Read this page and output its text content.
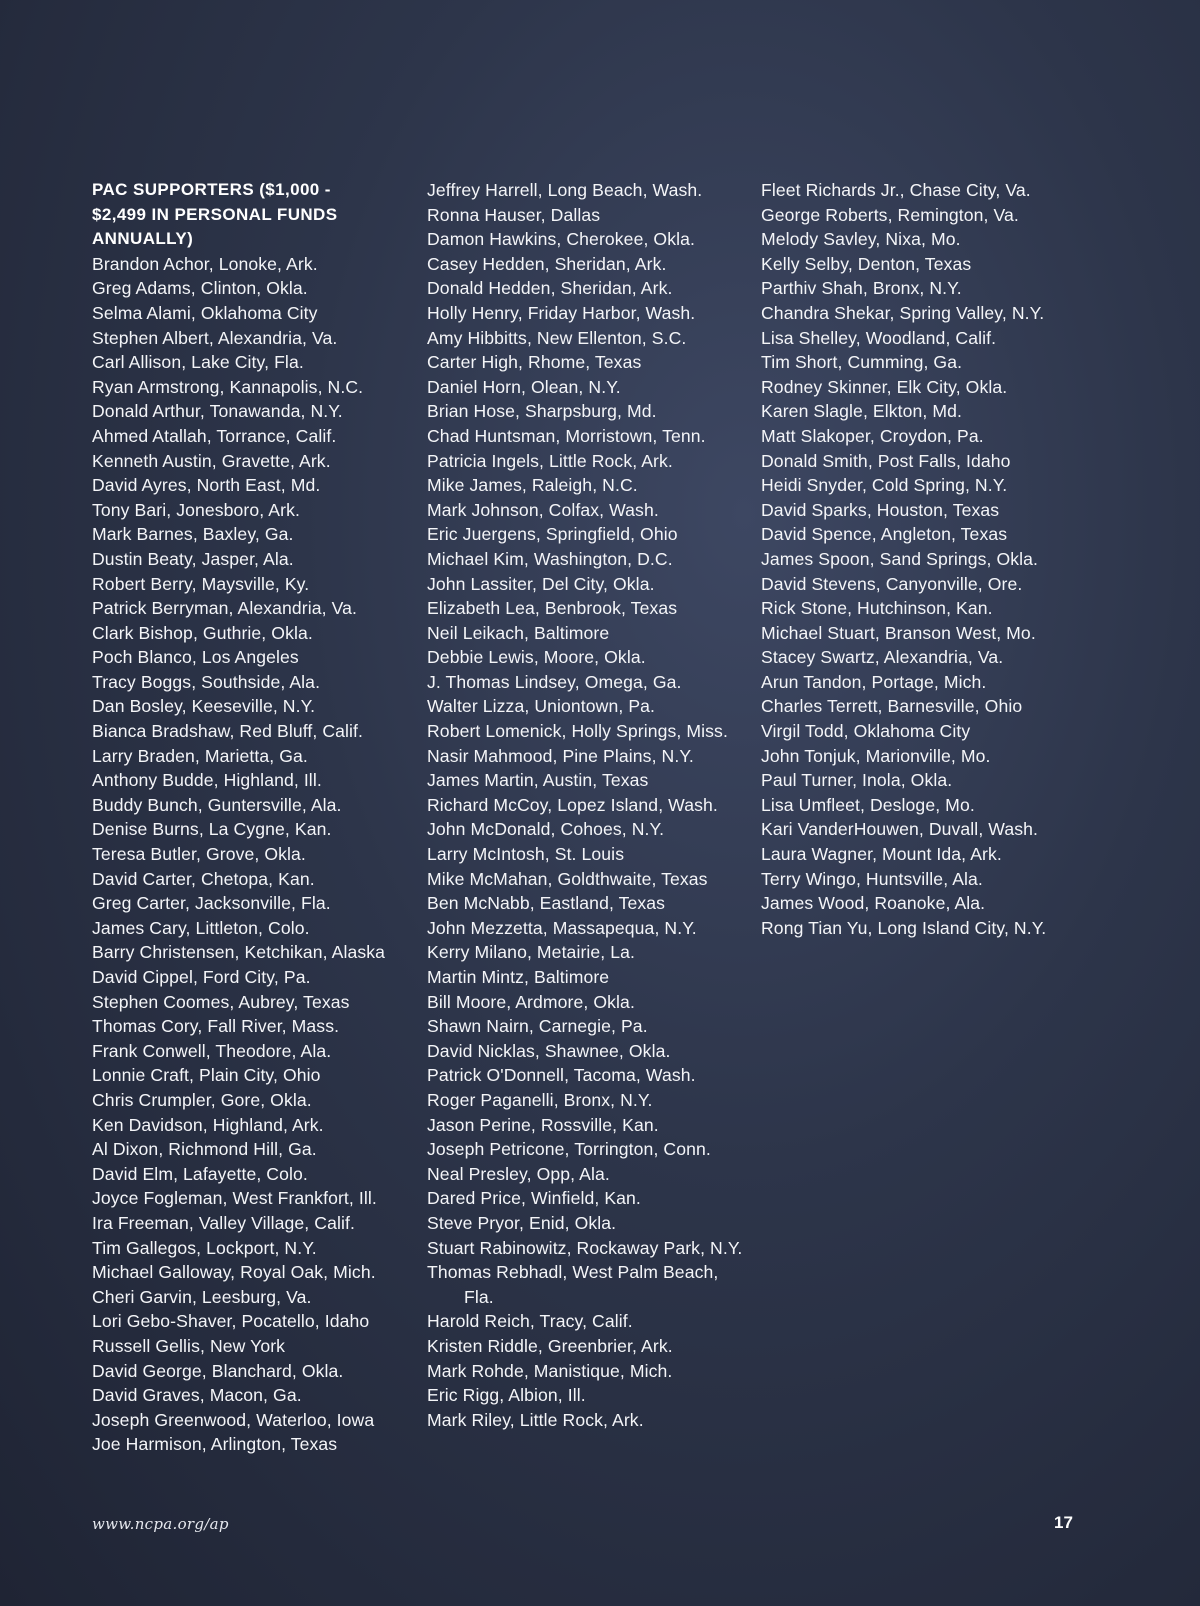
PAC SUPPORTERS ($1,000 - $2,499 IN PERSONAL FUNDS ANNUALLY)
Brandon Achor, Lonoke, Ark.
Greg Adams, Clinton, Okla.
Selma Alami, Oklahoma City
Stephen Albert, Alexandria, Va.
Carl Allison, Lake City, Fla.
Ryan Armstrong, Kannapolis, N.C.
Donald Arthur, Tonawanda, N.Y.
Ahmed Atallah, Torrance, Calif.
Kenneth Austin, Gravette, Ark.
David Ayres, North East, Md.
Tony Bari, Jonesboro, Ark.
Mark Barnes, Baxley, Ga.
Dustin Beaty, Jasper, Ala.
Robert Berry, Maysville, Ky.
Patrick Berryman, Alexandria, Va.
Clark Bishop, Guthrie, Okla.
Poch Blanco, Los Angeles
Tracy Boggs, Southside, Ala.
Dan Bosley, Keeseville, N.Y.
Bianca Bradshaw, Red Bluff, Calif.
Larry Braden, Marietta, Ga.
Anthony Budde, Highland, Ill.
Buddy Bunch, Guntersville, Ala.
Denise Burns, La Cygne, Kan.
Teresa Butler, Grove, Okla.
David Carter, Chetopa, Kan.
Greg Carter, Jacksonville, Fla.
James Cary, Littleton, Colo.
Barry Christensen, Ketchikan, Alaska
David Cippel, Ford City, Pa.
Stephen Coomes, Aubrey, Texas
Thomas Cory, Fall River, Mass.
Frank Conwell, Theodore, Ala.
Lonnie Craft, Plain City, Ohio
Chris Crumpler, Gore, Okla.
Ken Davidson, Highland, Ark.
Al Dixon, Richmond Hill, Ga.
David Elm, Lafayette, Colo.
Joyce Fogleman, West Frankfort, Ill.
Ira Freeman, Valley Village, Calif.
Tim Gallegos, Lockport, N.Y.
Michael Galloway, Royal Oak, Mich.
Cheri Garvin, Leesburg, Va.
Lori Gebo-Shaver, Pocatello, Idaho
Russell Gellis, New York
David George, Blanchard, Okla.
David Graves, Macon, Ga.
Joseph Greenwood, Waterloo, Iowa
Joe Harmison, Arlington, Texas
Jeffrey Harrell, Long Beach, Wash.
Ronna Hauser, Dallas
Damon Hawkins, Cherokee, Okla.
Casey Hedden, Sheridan, Ark.
Donald Hedden, Sheridan, Ark.
Holly Henry, Friday Harbor, Wash.
Amy Hibbitts, New Ellenton, S.C.
Carter High, Rhome, Texas
Daniel Horn, Olean, N.Y.
Brian Hose, Sharpsburg, Md.
Chad Huntsman, Morristown, Tenn.
Patricia Ingels, Little Rock, Ark.
Mike James, Raleigh, N.C.
Mark Johnson, Colfax, Wash.
Eric Juergens, Springfield, Ohio
Michael Kim, Washington, D.C.
John Lassiter, Del City, Okla.
Elizabeth Lea, Benbrook, Texas
Neil Leikach, Baltimore
Debbie Lewis, Moore, Okla.
J. Thomas Lindsey, Omega, Ga.
Walter Lizza, Uniontown, Pa.
Robert Lomenick, Holly Springs, Miss.
Nasir Mahmood, Pine Plains, N.Y.
James Martin, Austin, Texas
Richard McCoy, Lopez Island, Wash.
John McDonald, Cohoes, N.Y.
Larry McIntosh, St. Louis
Mike McMahan, Goldthwaite, Texas
Ben McNabb, Eastland, Texas
John Mezzetta, Massapequa, N.Y.
Kerry Milano, Metairie, La.
Martin Mintz, Baltimore
Bill Moore, Ardmore, Okla.
Shawn Nairn, Carnegie, Pa.
David Nicklas, Shawnee, Okla.
Patrick O'Donnell, Tacoma, Wash.
Roger Paganelli, Bronx, N.Y.
Jason Perine, Rossville, Kan.
Joseph Petricone, Torrington, Conn.
Neal Presley, Opp, Ala.
Dared Price, Winfield, Kan.
Steve Pryor, Enid, Okla.
Stuart Rabinowitz, Rockaway Park, N.Y.
Thomas Rebhadl, West Palm Beach, Fla.
Harold Reich, Tracy, Calif.
Kristen Riddle, Greenbrier, Ark.
Mark Rohde, Manistique, Mich.
Eric Rigg, Albion, Ill.
Mark Riley, Little Rock, Ark.
Fleet Richards Jr., Chase City, Va.
George Roberts, Remington, Va.
Melody Savley, Nixa, Mo.
Kelly Selby, Denton, Texas
Parthiv Shah, Bronx, N.Y.
Chandra Shekar, Spring Valley, N.Y.
Lisa Shelley, Woodland, Calif.
Tim Short, Cumming, Ga.
Rodney Skinner, Elk City, Okla.
Karen Slagle, Elkton, Md.
Matt Slakoper, Croydon, Pa.
Donald Smith, Post Falls, Idaho
Heidi Snyder, Cold Spring, N.Y.
David Sparks, Houston, Texas
David Spence, Angleton, Texas
James Spoon, Sand Springs, Okla.
David Stevens, Canyonville, Ore.
Rick Stone, Hutchinson, Kan.
Michael Stuart, Branson West, Mo.
Stacey Swartz, Alexandria, Va.
Arun Tandon, Portage, Mich.
Charles Terrett, Barnesville, Ohio
Virgil Todd, Oklahoma City
John Tonjuk, Marionville, Mo.
Paul Turner, Inola, Okla.
Lisa Umfleet, Desloge, Mo.
Kari VanderHouwen, Duvall, Wash.
Laura Wagner, Mount Ida, Ark.
Terry Wingo, Huntsville, Ala.
James Wood, Roanoke, Ala.
Rong Tian Yu, Long Island City, N.Y.
www.ncpa.org/ap	17
